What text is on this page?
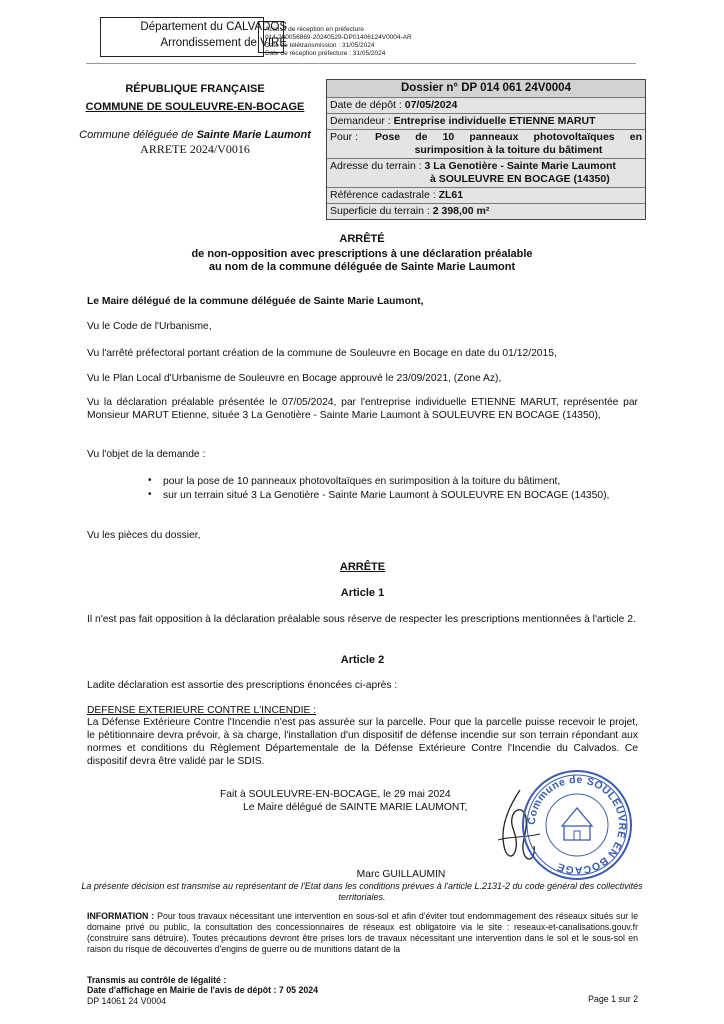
Département du CALVADOS
Arrondissement de VIRE
Accusé de réception en préfecture
014-200056869-20240529-DP01406124V0004-AR
Date de télétransmission : 31/05/2024
Date de réception préfecture : 31/05/2024
RÉPUBLIQUE FRANÇAISE
COMMUNE DE SOULEUVRE-EN-BOCAGE
Commune déléguée de Sainte Marie Laumont
ARRETE 2024/V0016
Dossier n° DP 014 061 24V0004
Date de dépôt : 07/05/2024
Demandeur : Entreprise individuelle ETIENNE MARUT
Pour :	Pose de 10 panneaux photovoltaïques en surimposition à la toiture du bâtiment
Adresse du terrain : 3 La Genotière - Sainte Marie Laumont
à SOULEUVRE EN BOCAGE (14350)
Référence cadastrale : ZL61
Superficie du terrain : 2 398,00 m²
ARRÊTÉ
de non-opposition avec prescriptions à une déclaration préalable
au nom de la commune déléguée de Sainte Marie Laumont
Le Maire délégué de la commune déléguée de Sainte Marie Laumont,
Vu le Code de l'Urbanisme,
Vu l'arrêté préfectoral portant création de la commune de Souleuvre en Bocage en date du 01/12/2015,
Vu le Plan Local d'Urbanisme de Souleuvre en Bocage approuvé le 23/09/2021, (Zone Az),
Vu la déclaration préalable présentée le 07/05/2024, par l'entreprise individuelle ETIENNE MARUT, représentée par Monsieur MARUT Etienne, située 3 La Genotière - Sainte Marie Laumont à SOULEUVRE EN BOCAGE (14350),
Vu l'objet de la demande :
• pour la pose de 10 panneaux photovoltaïques en surimposition à la toiture du bâtiment,
• sur un terrain situé 3 La Genotière - Sainte Marie Laumont à SOULEUVRE EN BOCAGE (14350),
Vu les pièces du dossier,
ARRÊTE
Article 1
Il n'est pas fait opposition à la déclaration préalable sous réserve de respecter les prescriptions mentionnées à l'article 2.
Article 2
Ladite déclaration est assortie des prescriptions énoncées ci-après :
DEFENSE EXTERIEURE CONTRE L'INCENDIE :
La Défense Extérieure Contre l'Incendie n'est pas assurée sur la parcelle. Pour que la parcelle puisse recevoir le projet, le pétitionnaire devra prévoir, à sa charge, l'installation d'un dispositif de défense incendie sur son terrain répondant aux normes et conditions du Règlement Départementale de la Défense Extérieure Contre l'Incendie du Calvados. Ce dispositif devra être validé par le SDIS.
Fait à SOULEUVRE-EN-BOCAGE, le 29 mai 2024
Le Maire délégué de SAINTE MARIE LAUMONT,
Commune de SOULEUVRE EN BOCAGE
Marc GUILLAUMIN
La présente décision est transmise au représentant de l'Etat dans les conditions prévues à l'article L.2131-2 du code général des collectivités territoriales.
INFORMATION : Pour tous travaux nécessitant une intervention en sous-sol et afin d'éviter tout endommagement des réseaux situés sur le domaine privé ou public, la consultation des concessionnaires de réseaux est obligatoire via le site : reseaux-et-canalisations.gouv.fr (construire sans détruire). Toutes précautions devront être prises lors de travaux nécessitant une intervention dans le sol et le sous-sol en raison du risque de découvertes d'engins de guerre ou de munitions datant de la
Transmis au contrôle de légalité :
Date d'affichage en Mairie de l'avis de dépôt : 7 05 2024
DP 14061 24 V0004	Page 1 sur 2
